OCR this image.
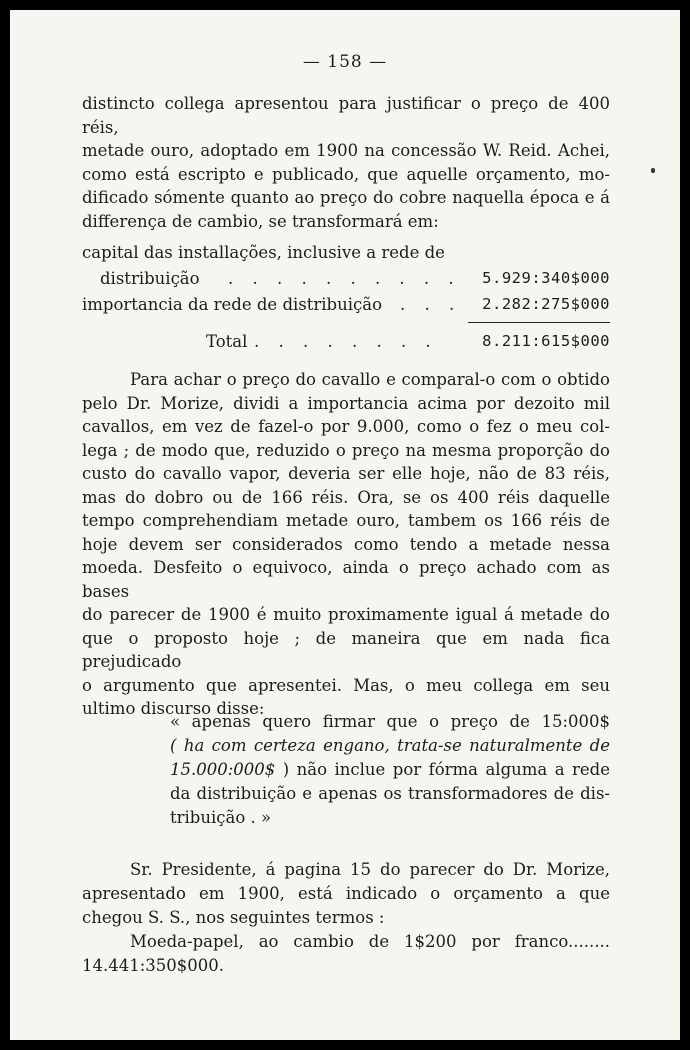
— 158 —
distincto collega apresentou para justificar o preço de 400 réis,
metade ouro, adoptado em 1900 na concessão W. Reid. Achei,
como está escripto e publicado, que aquelle orçamento, mo-
dificado sómente quanto ao preço do cobre naquella época e á
differença de cambio, se transformará em:
capital das installações, inclusive a rede de
distribuição . . . . . . . . . . 5.929:340$000
importancia da rede de distribuição . . . 2.282:275$000
Total . . . . . . . .	8.211:615$000
Para achar o preço do cavallo e comparal-o com o obtido
pelo Dr. Morize, dividi a importancia acima por dezoito mil
cavallos, em vez de fazel-o por 9.000, como o fez o meu col-
lega ; de modo que, reduzido o preço na mesma proporção do
custo do cavallo vapor, deveria ser elle hoje, não de 83 réis,
mas do dobro ou de 166 réis. Ora, se os 400 réis daquelle
tempo comprehendiam metade ouro, tambem os 166 réis de
hoje devem ser considerados como tendo a metade nessa
moeda. Desfeito o equivoco, ainda o preço achado com as bases
do parecer de 1900 é muito proximamente igual á metade do
que o proposto hoje ; de maneira que em nada fica prejudicado
o argumento que apresentei. Mas, o meu collega em seu
ultimo discurso disse:
« apenas quero firmar que o preço de 15:000$
( ha com certeza engano, trata-se naturalmente de
15.000:000$ ) não inclue por fórma alguma a rede
da distribuição e apenas os transformadores de dis-
tribuição . »
Sr. Presidente, á pagina 15 do parecer do Dr. Morize,
apresentado em 1900, está indicado o orçamento a que
chegou S. S., nos seguintes termos :
Moeda-papel, ao cambio de 1$200 por franco........
14.441:350$000.
